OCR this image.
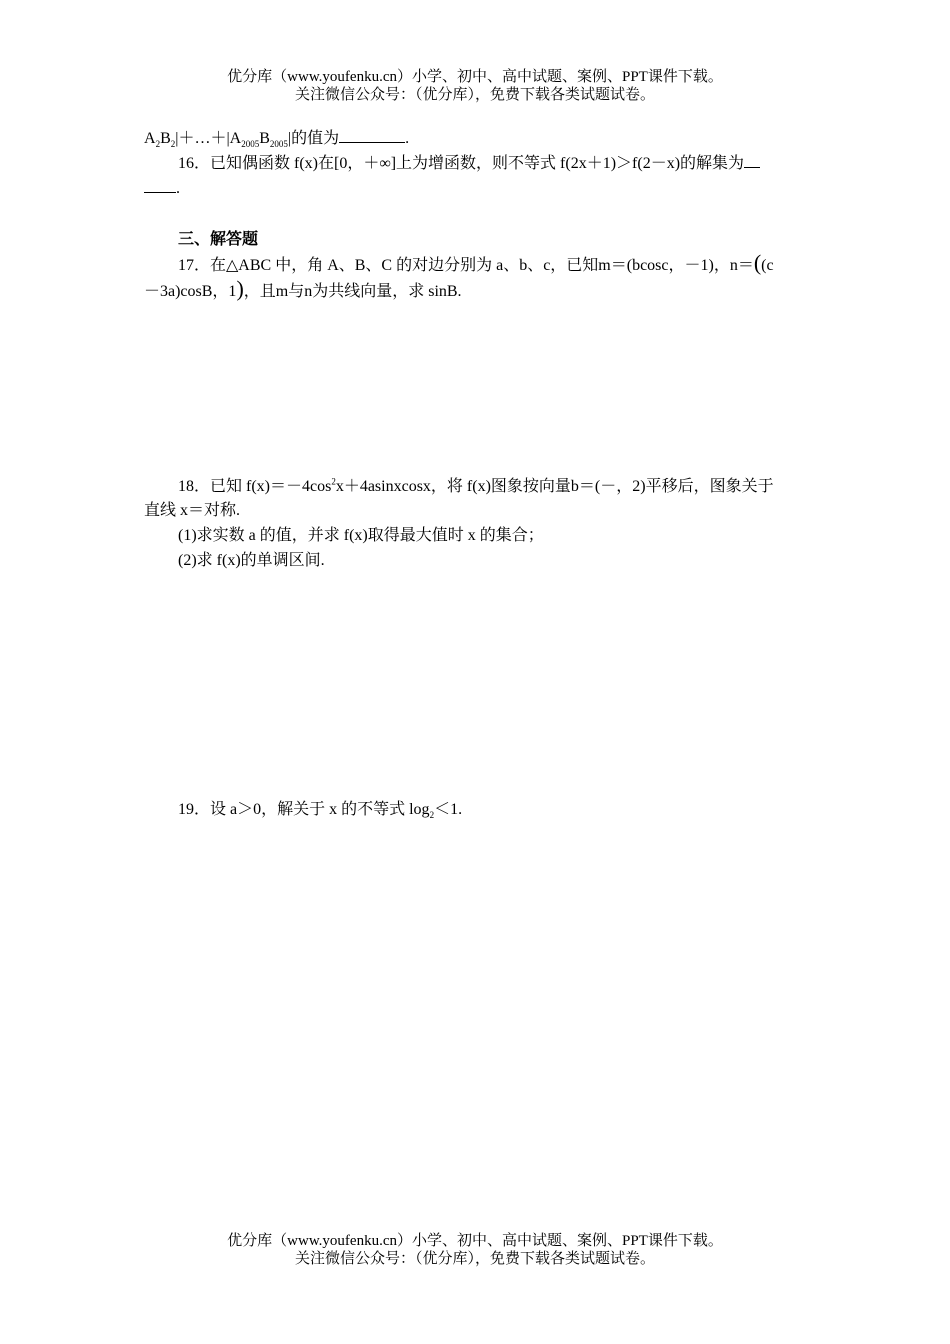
优分库（www.youfenku.cn）小学、初中、高中试题、案例、PPT课件下载。
关注微信公众号：（优分库），免费下载各类试题试卷。
$A_2B_2|+\dots+|A_{2005}B_{2005}|$的值为	.
16．已知偶函数 f(x)在[0，＋∞]上为增函数，则不等式 f(2x＋1)＞f(2－x)的解集为
.
三、解答题
17．在△ABC 中，角 A、B、C 的对边分别为 a、b、c，已知m＝(bcosc，－1)，n＝((c
－3a)cosB，1)，且m与n为共线向量，求 sinB.
18．已知 $f(x)=-4\cos^2x+4asinxcosx$，将 f(x)图象按向量b＝(－，2)平移后，图象关于
直线 x＝对称.
(1)求实数 a 的值，并求 f(x)取得最大值时 x 的集合；
(2)求 f(x)的单调区间.
19．设 a＞0，解关于 x 的不等式 $\log_2<1$.
优分库（www.youfenku.cn）小学、初中、高中试题、案例、PPT课件下载。
关注微信公众号：（优分库），免费下载各类试题试卷。
